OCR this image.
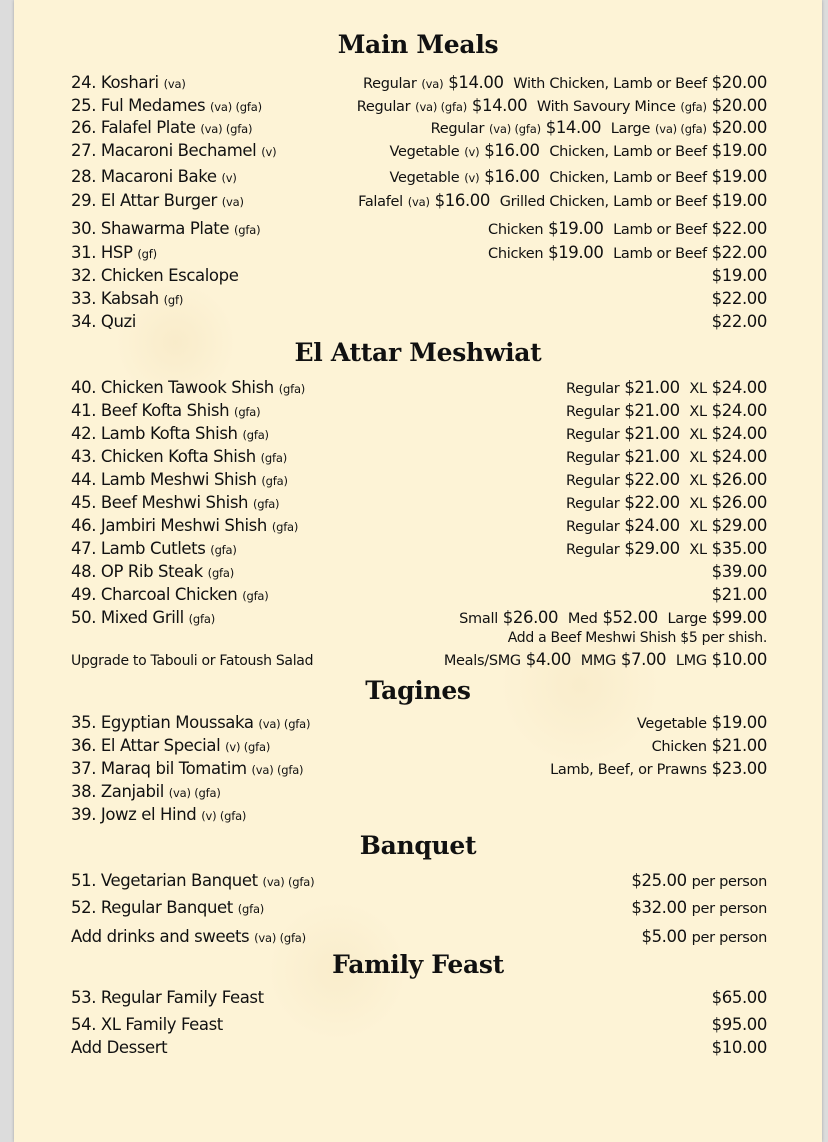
Main Meals
El Attar Meshwiat
Tagines
Banquet
Family Feast
24. Koshari (va)	Regular (va) $14.00 With Chicken, Lamb or Beef $20.00
25. Ful Medames (va) (gfa)	Regular (va) (gfa) $14.00 With Savoury Mince (gfa) $20.00
26. Falafel Plate (va) (gfa)	Regular (va) (gfa) $14.00 Large (va) (gfa) $20.00
27. Macaroni Bechamel (v)	Vegetable (v) $16.00 Chicken, Lamb or Beef $19.00
28. Macaroni Bake (v)	Vegetable (v) $16.00 Chicken, Lamb or Beef $19.00
29. El Attar Burger (va)	Falafel (va) $16.00 Grilled Chicken, Lamb or Beef $19.00
30. Shawarma Plate (gfa)	Chicken $19.00 Lamb or Beef $22.00
31. HSP (gf)	Chicken $19.00 Lamb or Beef $22.00
32. Chicken Escalope	$19.00
33. Kabsah (gf)	$22.00
34. Quzi	$22.00
40. Chicken Tawook Shish (gfa)	Regular $21.00 XL $24.00
41. Beef Kofta Shish (gfa)	Regular $21.00 XL $24.00
42. Lamb Kofta Shish (gfa)	Regular $21.00 XL $24.00
43. Chicken Kofta Shish (gfa)	Regular $21.00 XL $24.00
44. Lamb Meshwi Shish (gfa)	Regular $22.00 XL $26.00
45. Beef Meshwi Shish (gfa)	Regular $22.00 XL $26.00
46. Jambiri Meshwi Shish (gfa)	Regular $24.00 XL $29.00
47. Lamb Cutlets (gfa)	Regular $29.00 XL $35.00
48. OP Rib Steak (gfa)	$39.00
49. Charcoal Chicken (gfa)	$21.00
50. Mixed Grill (gfa)	Small $26.00 Med $52.00 Large $99.00
35. Egyptian Moussaka (va) (gfa)	Vegetable $19.00
36. El Attar Special (v) (gfa)	Chicken $21.00
37. Maraq bil Tomatim (va) (gfa)	Lamb, Beef, or Prawns $23.00
38. Zanjabil (va) (gfa)
39. Jowz el Hind (v) (gfa)
51. Vegetarian Banquet (va) (gfa)	$25.00 per person
52. Regular Banquet (gfa)	$32.00 per person
Add drinks and sweets (va) (gfa)	$5.00 per person
53. Regular Family Feast	$65.00
54. XL Family Feast	$95.00
Add Dessert	$10.00
Add a Beef Meshwi Shish $5 per shish.
Upgrade to Tabouli or Fatoush Salad	Meals/SMG $4.00 MMG $7.00 LMG $10.00
